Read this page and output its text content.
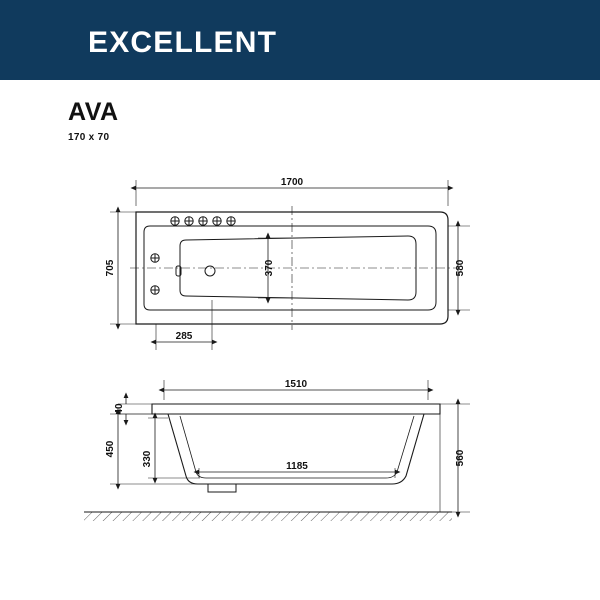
EXCELLENT
AVA
170 x 70
1700
705	580
370
285
1510
40
450
330	1185
560
